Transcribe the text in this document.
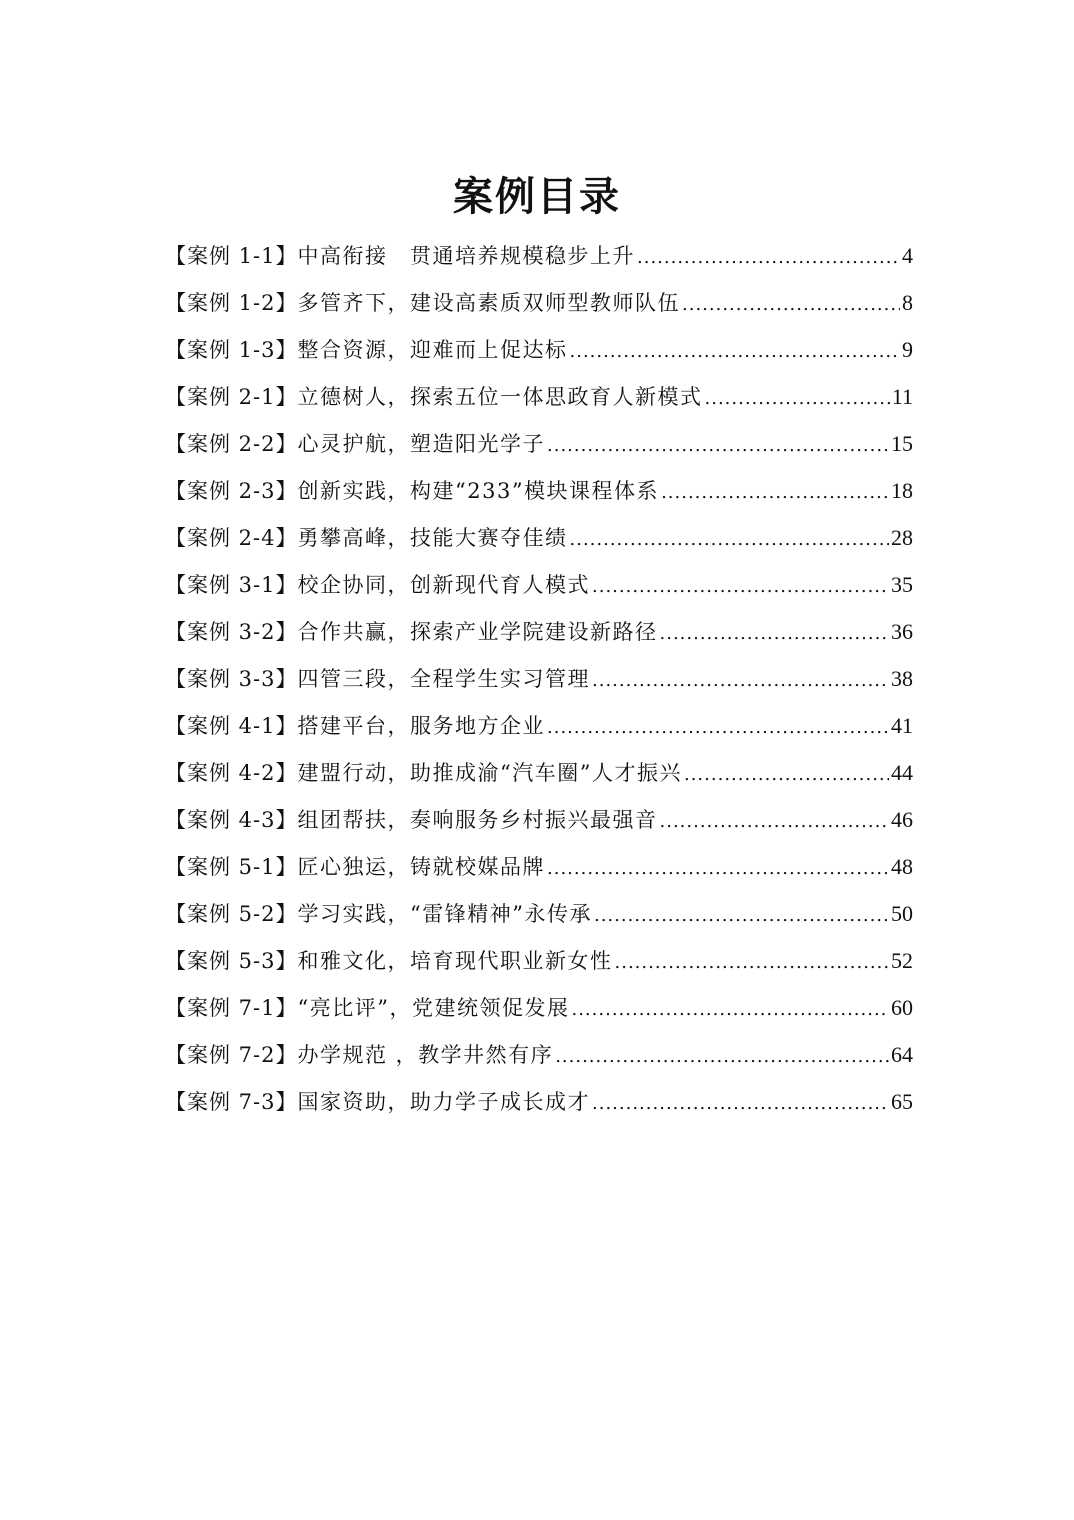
案例目录
【案例 1-1】 中高衔接　贯通培养规模稳步上升 .....	4
【案例 1-2】 多管齐下，建设高素质双师型教师队伍 .....	8
【案例 1-3】 整合资源，迎难而上促达标 .....	9
【案例 2-1】 立德树人，探索五位一体思政育人新模式 .....	11
【案例 2-2】 心灵护航，塑造阳光学子 .....	15
【案例 2-3】 创新实践，构建“233”模块课程体系 .....	18
【案例 2-4】 勇攀高峰，技能大赛夺佳绩 .....	28
【案例 3-1】 校企协同，创新现代育人模式 .....	35
【案例 3-2】 合作共赢，探索产业学院建设新路径 .....	36
【案例 3-3】 四管三段，全程学生实习管理 .....	38
【案例 4-1】 搭建平台，服务地方企业 .....	41
【案例 4-2】 建盟行动，助推成渝“汽车圈”人才振兴 .....	44
【案例 4-3】 组团帮扶，奏响服务乡村振兴最强音 .....	46
【案例 5-1】 匠心独运，铸就校媒品牌 .....	48
【案例 5-2】 学习实践，“雷锋精神”永传承 .....	50
【案例 5-3】 和雅文化，培育现代职业新女性 .....	52
【案例 7-1】 “亮比评”，党建统领促发展 .....	60
【案例 7-2】 办学规范 ，教学井然有序 .....	64
【案例 7-3】 国家资助，助力学子成长成才 .....	65
